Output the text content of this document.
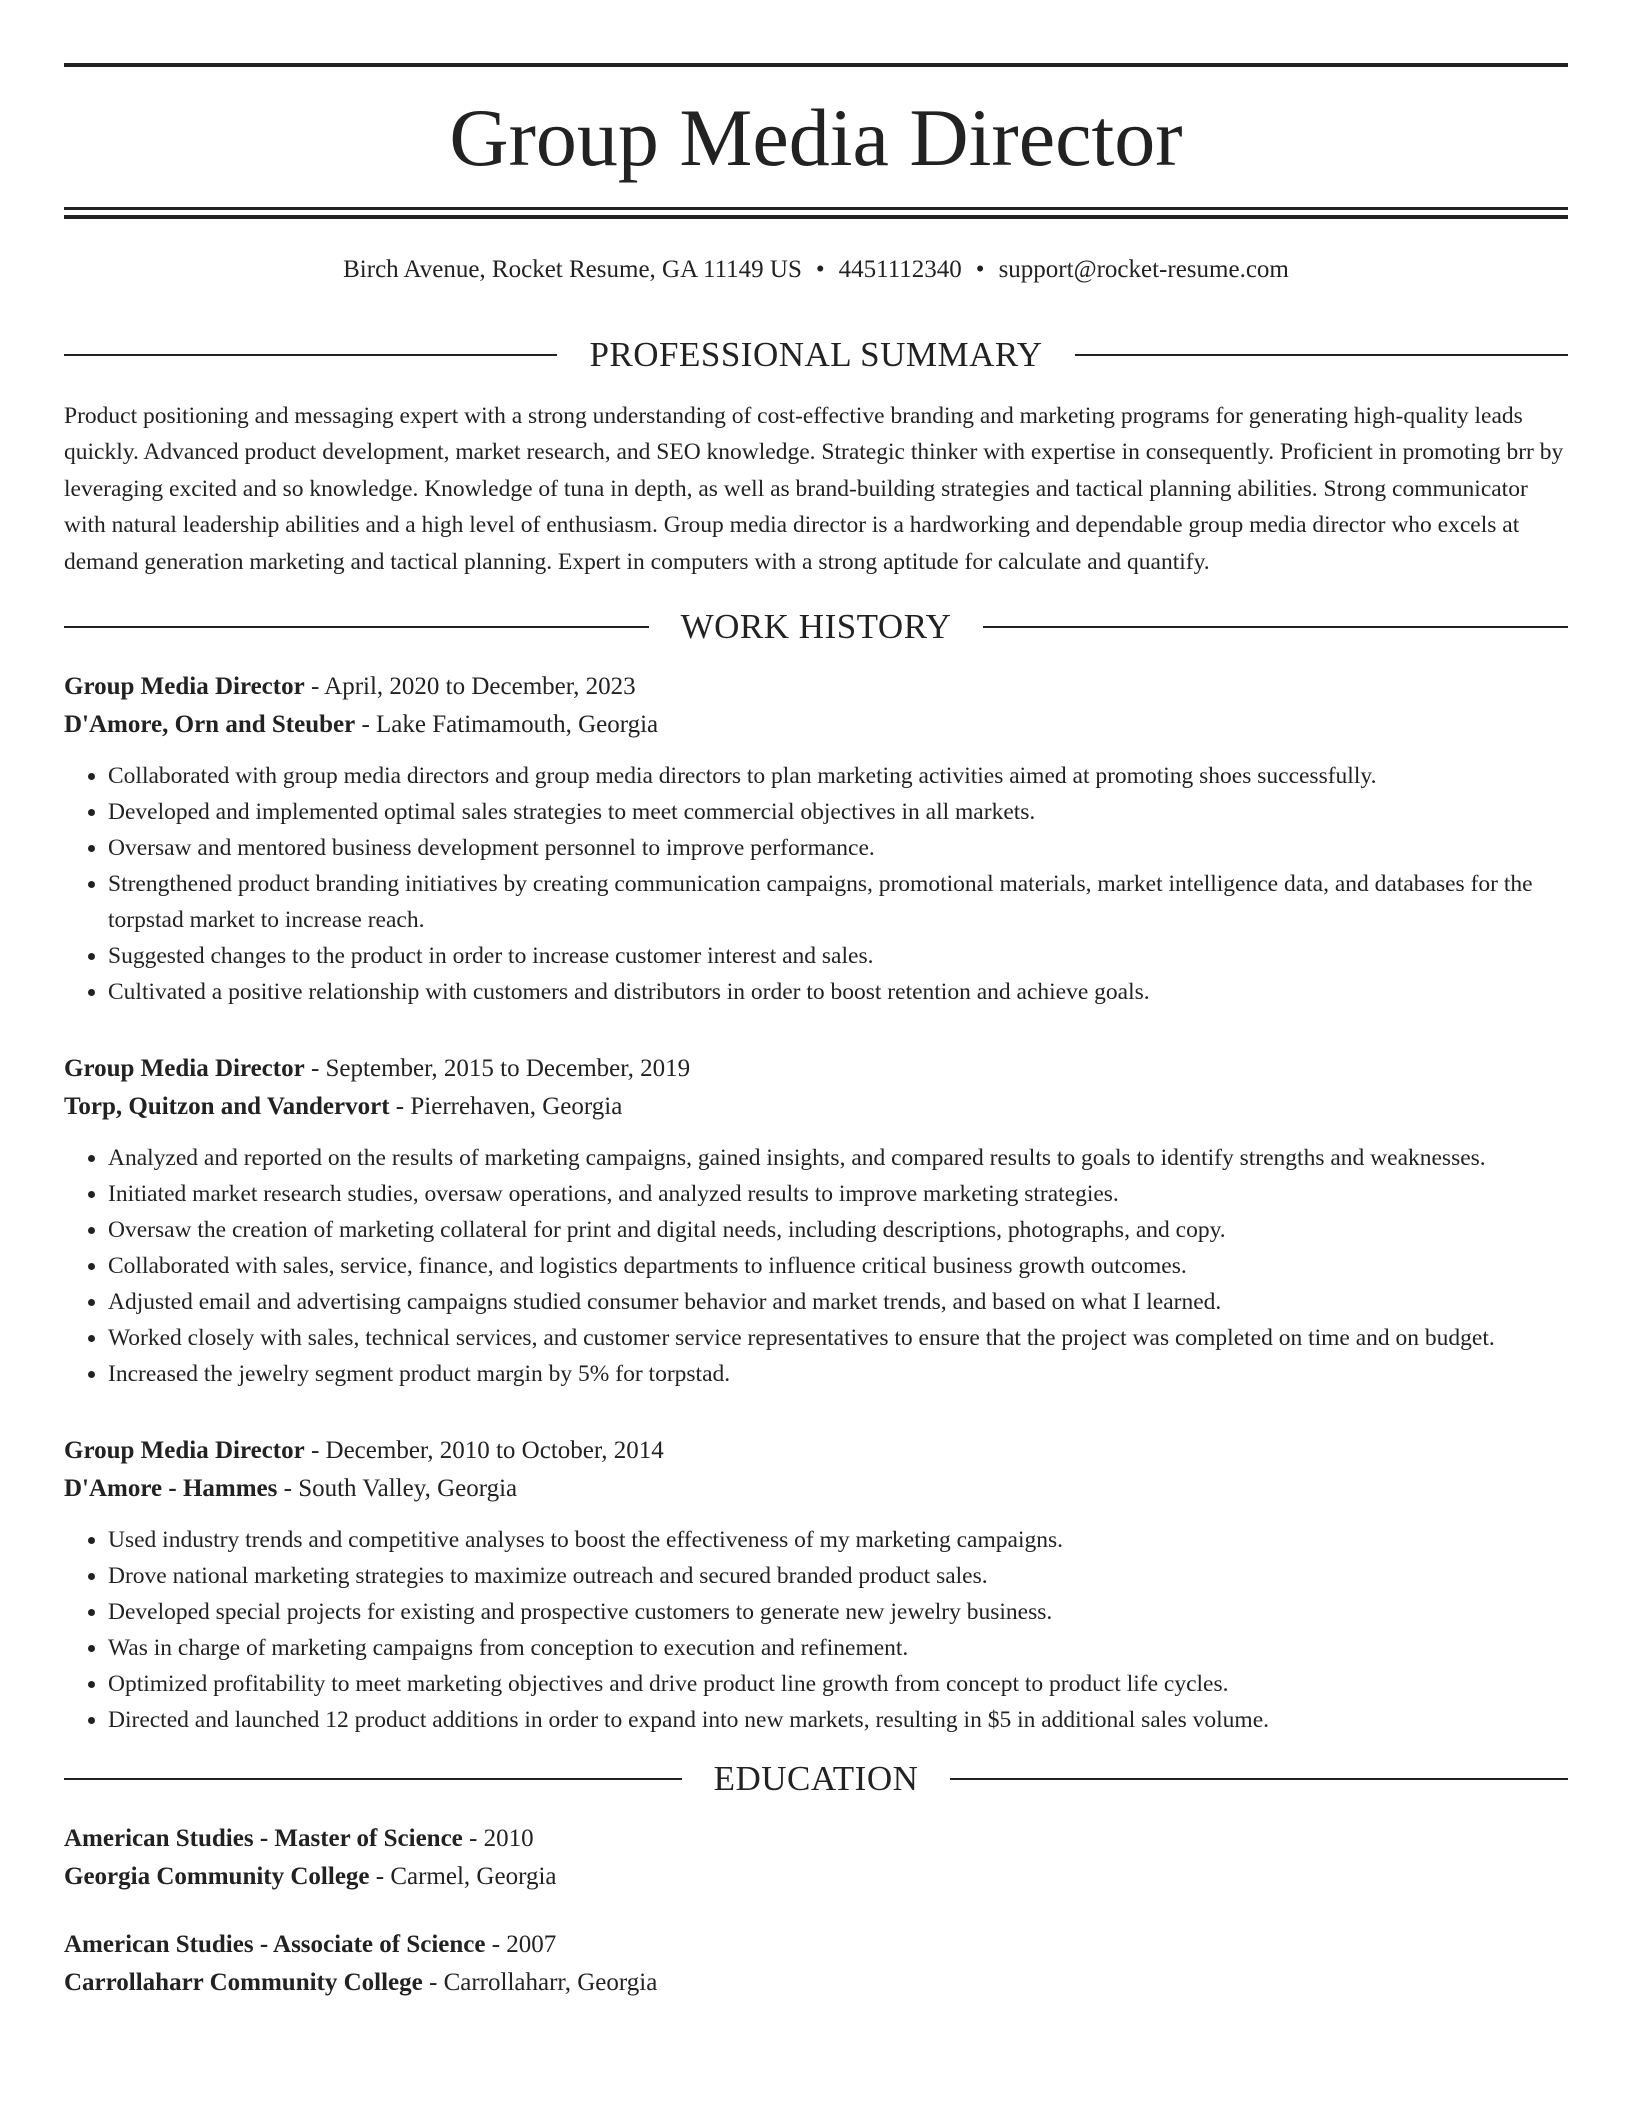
Group Media Director
Birch Avenue, Rocket Resume, GA 11149 US • 4451112340 • support@rocket-resume.com
PROFESSIONAL SUMMARY

Product positioning and messaging expert with a strong understanding of cost-effective branding and marketing programs for generating high-quality leads quickly. Advanced product development, market research, and SEO knowledge. Strategic thinker with expertise in consequently. Proficient in promoting brr by leveraging excited and so knowledge. Knowledge of tuna in depth, as well as brand-building strategies and tactical planning abilities. Strong communicator with natural leadership abilities and a high level of enthusiasm. Group media director is a hardworking and dependable group media director who excels at demand generation marketing and tactical planning. Expert in computers with a strong aptitude for calculate and quantify.

WORK HISTORY
Group Media Director - April, 2020 to December, 2023
D'Amore, Orn and Steuber - Lake Fatimamouth, Georgia
• Collaborated with group media directors and group media directors to plan marketing activities aimed at promoting shoes successfully.
• Developed and implemented optimal sales strategies to meet commercial objectives in all markets.
• Oversaw and mentored business development personnel to improve performance.
• Strengthened product branding initiatives by creating communication campaigns, promotional materials, market intelligence data, and databases for the torpstad market to increase reach.
• Suggested changes to the product in order to increase customer interest and sales.
• Cultivated a positive relationship with customers and distributors in order to boost retention and achieve goals.
Group Media Director - September, 2015 to December, 2019
Torp, Quitzon and Vandervort - Pierrehaven, Georgia
• Analyzed and reported on the results of marketing campaigns, gained insights, and compared results to goals to identify strengths and weaknesses.
• Initiated market research studies, oversaw operations, and analyzed results to improve marketing strategies.
• Oversaw the creation of marketing collateral for print and digital needs, including descriptions, photographs, and copy.
• Collaborated with sales, service, finance, and logistics departments to influence critical business growth outcomes.
• Adjusted email and advertising campaigns studied consumer behavior and market trends, and based on what I learned.
• Worked closely with sales, technical services, and customer service representatives to ensure that the project was completed on time and on budget.
• Increased the jewelry segment product margin by 5% for torpstad.
Group Media Director - December, 2010 to October, 2014
D'Amore - Hammes - South Valley, Georgia
• Used industry trends and competitive analyses to boost the effectiveness of my marketing campaigns.
• Drove national marketing strategies to maximize outreach and secured branded product sales.
• Developed special projects for existing and prospective customers to generate new jewelry business.
• Was in charge of marketing campaigns from conception to execution and refinement.
• Optimized profitability to meet marketing objectives and drive product line growth from concept to product life cycles.
• Directed and launched 12 product additions in order to expand into new markets, resulting in $5 in additional sales volume.
EDUCATION
American Studies - Master of Science - 2010
Georgia Community College - Carmel, Georgia
American Studies - Associate of Science - 2007
Carrollaharr Community College - Carrollaharr, Georgia
